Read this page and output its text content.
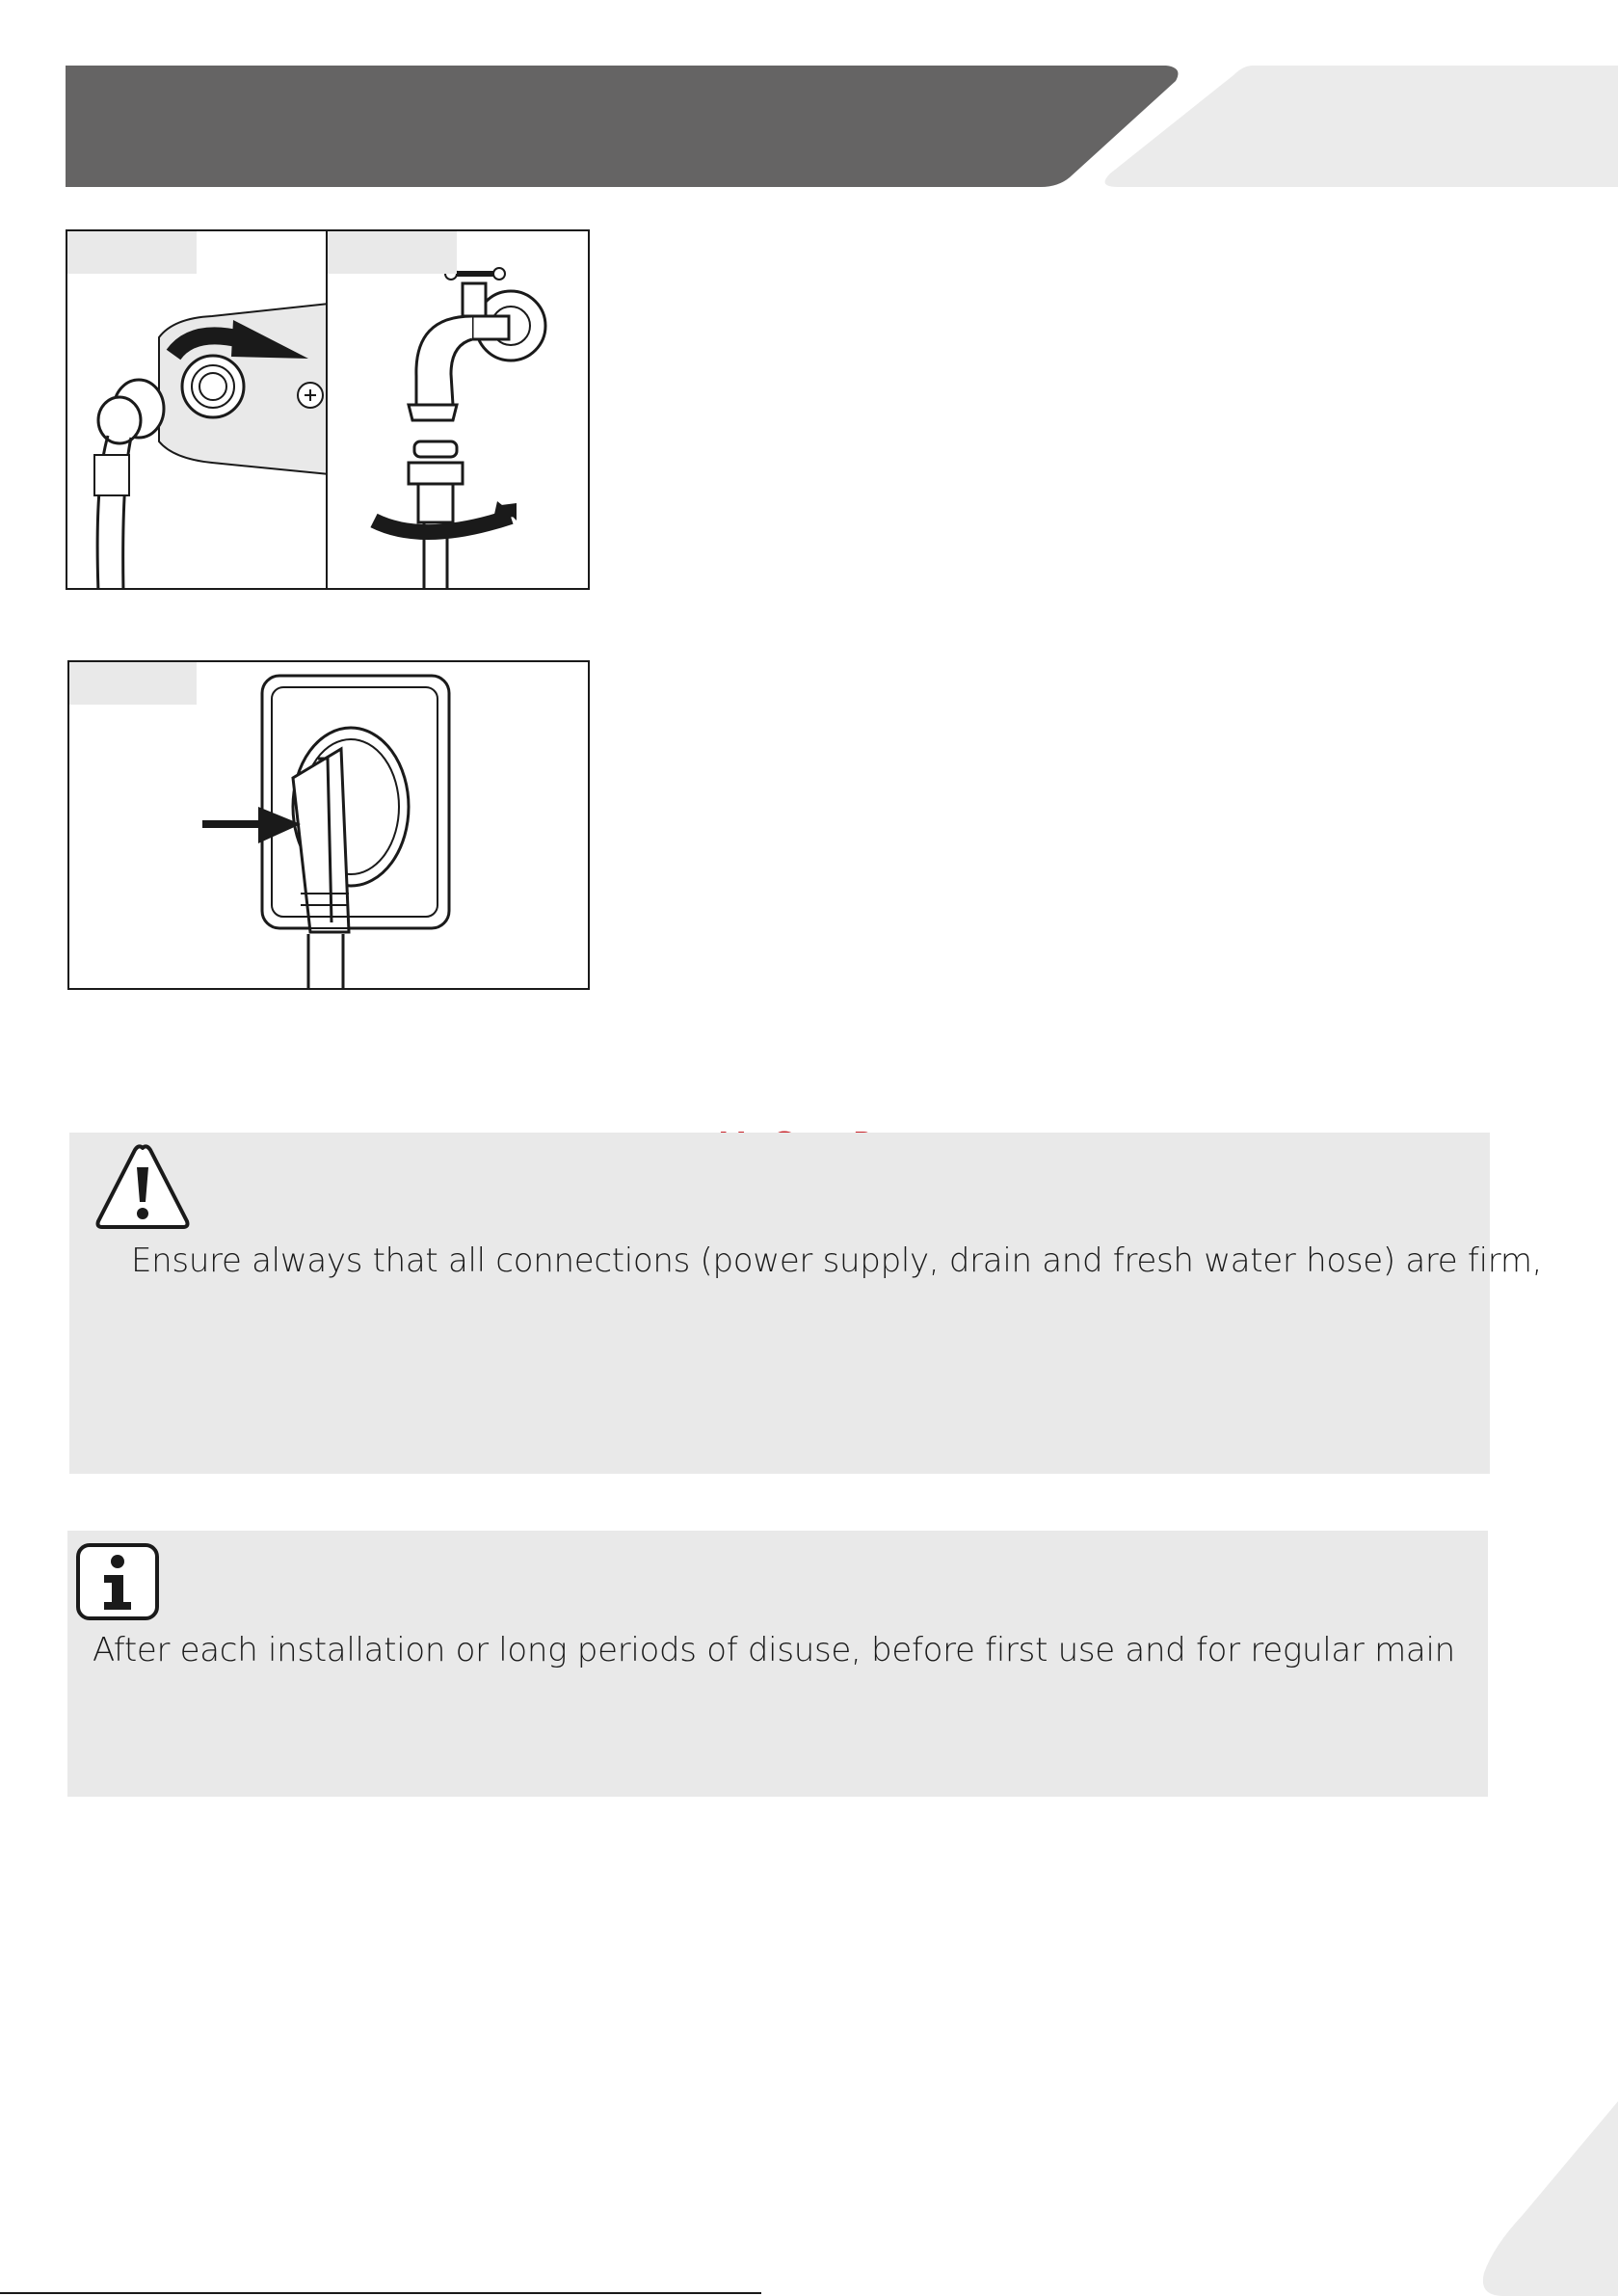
Ensure always that all connections (power supply, drain and fresh water hose) are firm,
After each installation or long periods of disuse, before first use and for regular main
